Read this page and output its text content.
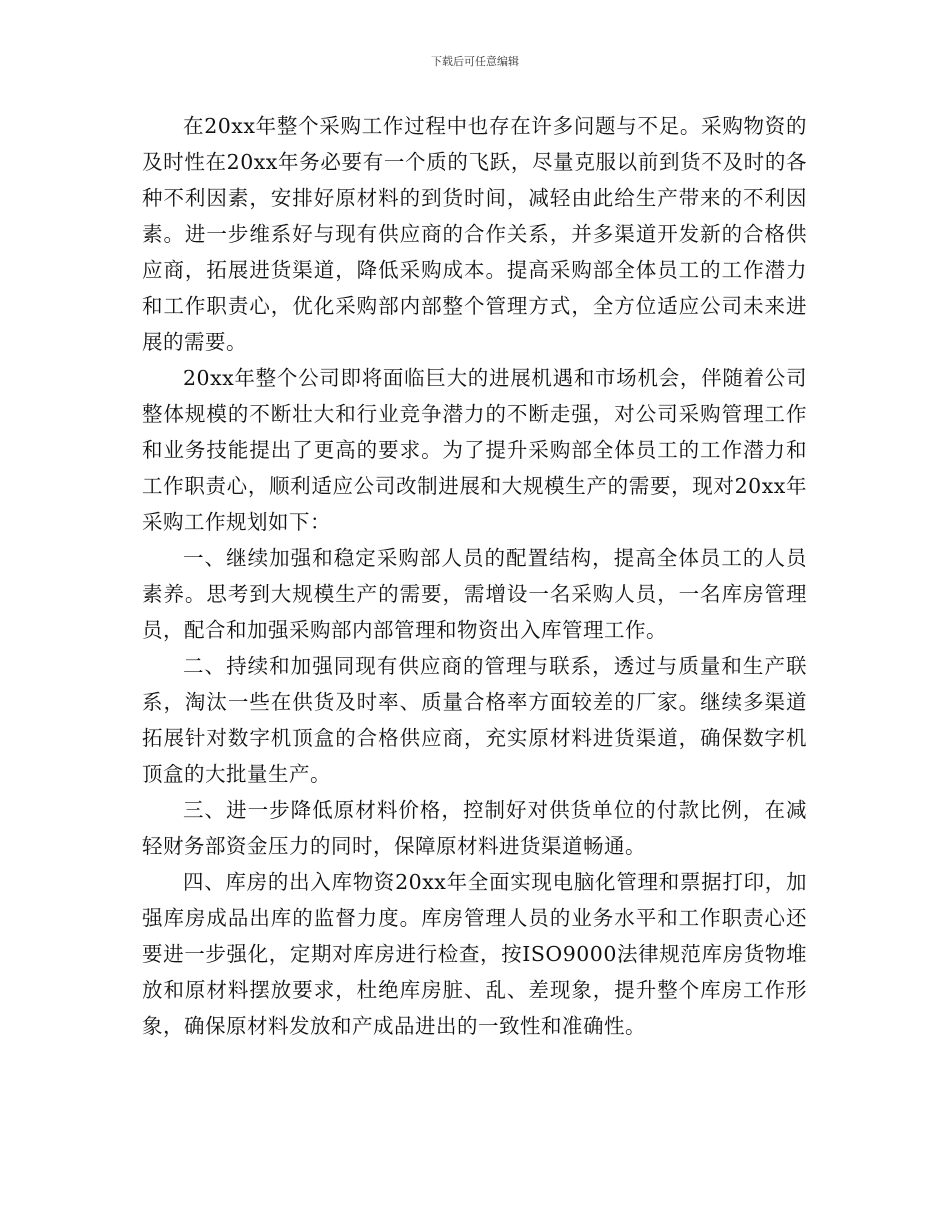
下载后可任意编辑

在20xx年整个采购工作过程中也存在许多问题与不足。采购物资的及时性在20xx年务必要有一个质的飞跃，尽量克服以前到货不及时的各种不利因素，安排好原材料的到货时间，减轻由此给生产带来的不利因素。进一步维系好与现有供应商的合作关系，并多渠道开发新的合格供应商，拓展进货渠道，降低采购成本。提高采购部全体员工的工作潜力和工作职责心，优化采购部内部整个管理方式，全方位适应公司未来进展的需要。

20xx年整个公司即将面临巨大的进展机遇和市场机会，伴随着公司整体规模的不断壮大和行业竞争潜力的不断走强，对公司采购管理工作和业务技能提出了更高的要求。为了提升采购部全体员工的工作潜力和工作职责心，顺利适应公司改制进展和大规模生产的需要，现对20xx年采购工作规划如下：

一、继续加强和稳定采购部人员的配置结构，提高全体员工的人员素养。思考到大规模生产的需要，需增设一名采购人员，一名库房管理员，配合和加强采购部内部管理和物资出入库管理工作。

二、持续和加强同现有供应商的管理与联系，透过与质量和生产联系，淘汰一些在供货及时率、质量合格率方面较差的厂家。继续多渠道拓展针对数字机顶盒的合格供应商，充实原材料进货渠道，确保数字机顶盒的大批量生产。

三、进一步降低原材料价格，控制好对供货单位的付款比例，在减轻财务部资金压力的同时，保障原材料进货渠道畅通。

四、库房的出入库物资20xx年全面实现电脑化管理和票据打印，加强库房成品出库的监督力度。库房管理人员的业务水平和工作职责心还要进一步强化，定期对库房进行检查，按ISO9000法律规范库房货物堆放和原材料摆放要求，杜绝库房脏、乱、差现象，提升整个库房工作形象，确保原材料发放和产成品进出的一致性和准确性。
